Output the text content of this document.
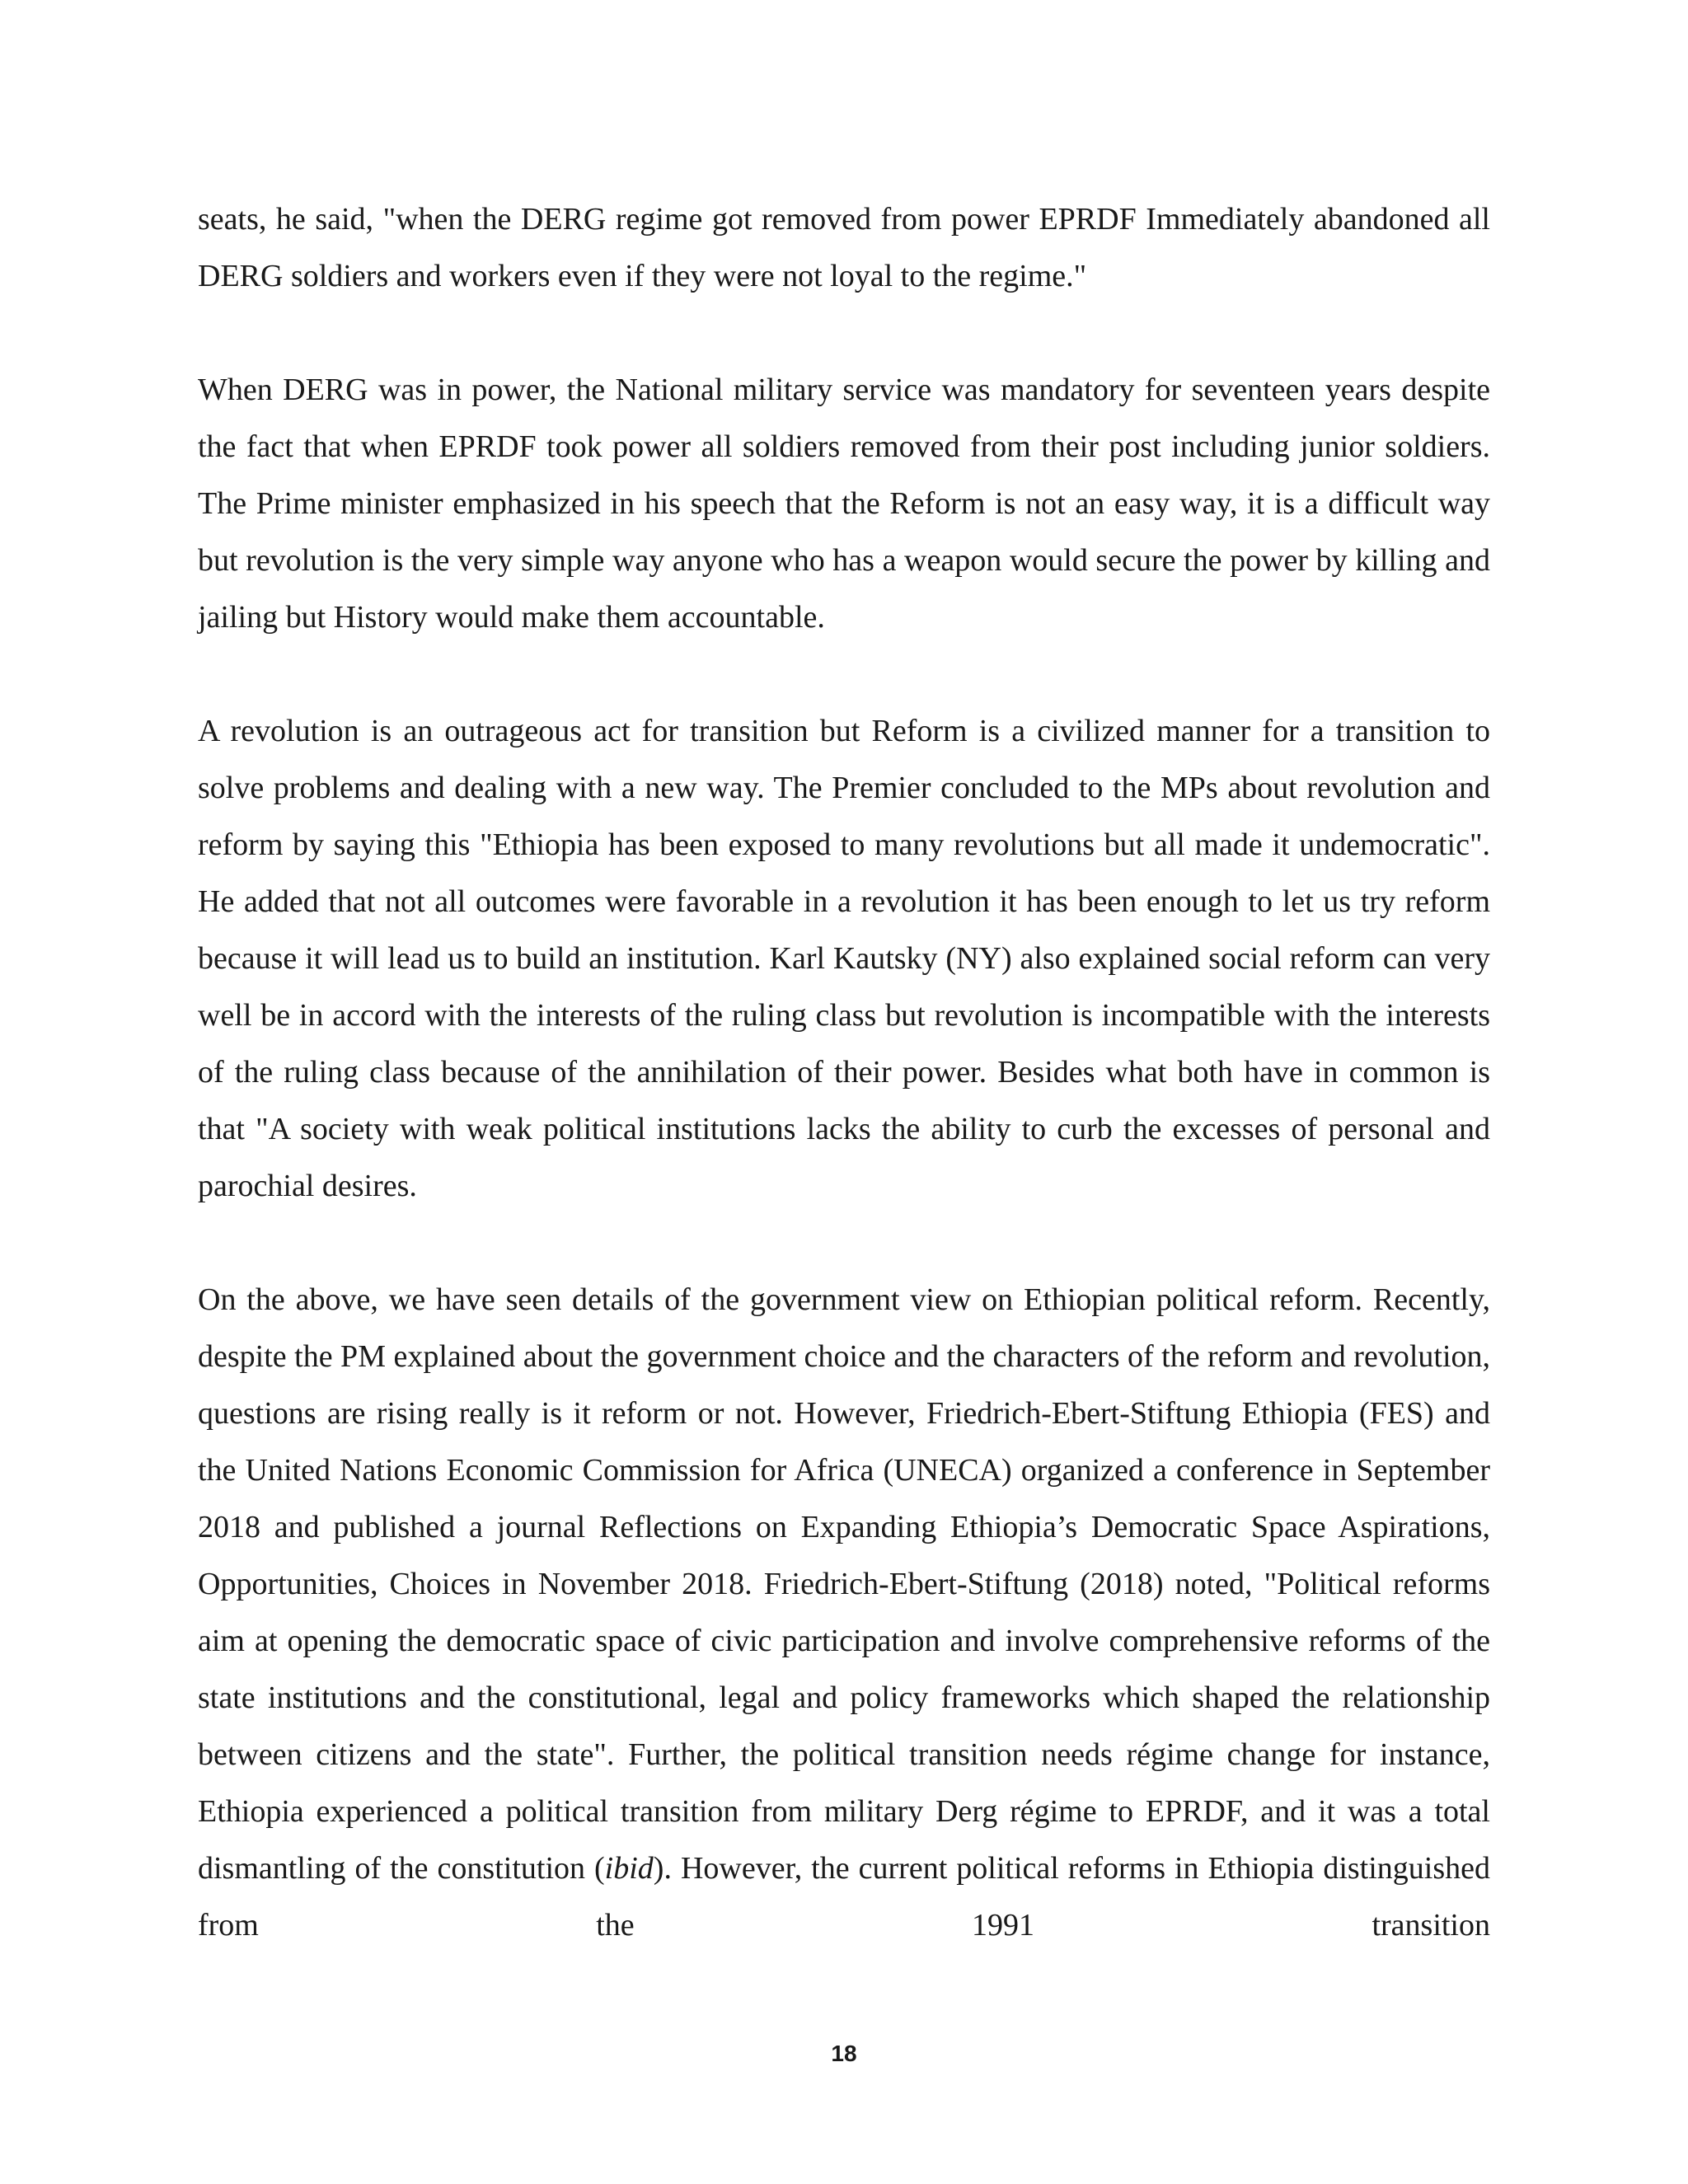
seats, he said, "when the DERG regime got removed from power EPRDF Immediately abandoned all DERG soldiers and workers even if they were not loyal to the regime."

When DERG was in power, the National military service was mandatory for seventeen years despite the fact that when EPRDF took power all soldiers removed from their post including junior soldiers. The Prime minister emphasized in his speech that the Reform is not an easy way, it is a difficult way but revolution is the very simple way anyone who has a weapon would secure the power by killing and jailing but History would make them accountable.

A revolution is an outrageous act for transition but Reform is a civilized manner for a transition to solve problems and dealing with a new way. The Premier concluded to the MPs about revolution and reform by saying this "Ethiopia has been exposed to many revolutions but all made it undemocratic". He added that not all outcomes were favorable in a revolution it has been enough to let us try reform because it will lead us to build an institution. Karl Kautsky (NY) also explained social reform can very well be in accord with the interests of the ruling class but revolution is incompatible with the interests of the ruling class because of the annihilation of their power. Besides what both have in common is that "A society with weak political institutions lacks the ability to curb the excesses of personal and parochial desires.

On the above, we have seen details of the government view on Ethiopian political reform. Recently, despite the PM explained about the government choice and the characters of the reform and revolution, questions are rising really is it reform or not. However, Friedrich-Ebert-Stiftung Ethiopia (FES) and the United Nations Economic Commission for Africa (UNECA) organized a conference in September 2018 and published a journal Reflections on Expanding Ethiopia’s Democratic Space Aspirations, Opportunities, Choices in November 2018. Friedrich-Ebert-Stiftung (2018) noted, "Political reforms aim at opening the democratic space of civic participation and involve comprehensive reforms of the state institutions and the constitutional, legal and policy frameworks which shaped the relationship between citizens and the state". Further, the political transition needs régime change for instance, Ethiopia experienced a political transition from military Derg régime to EPRDF, and it was a total dismantling of the constitution (ibid). However, the current political reforms in Ethiopia distinguished from the 1991 transition

18
